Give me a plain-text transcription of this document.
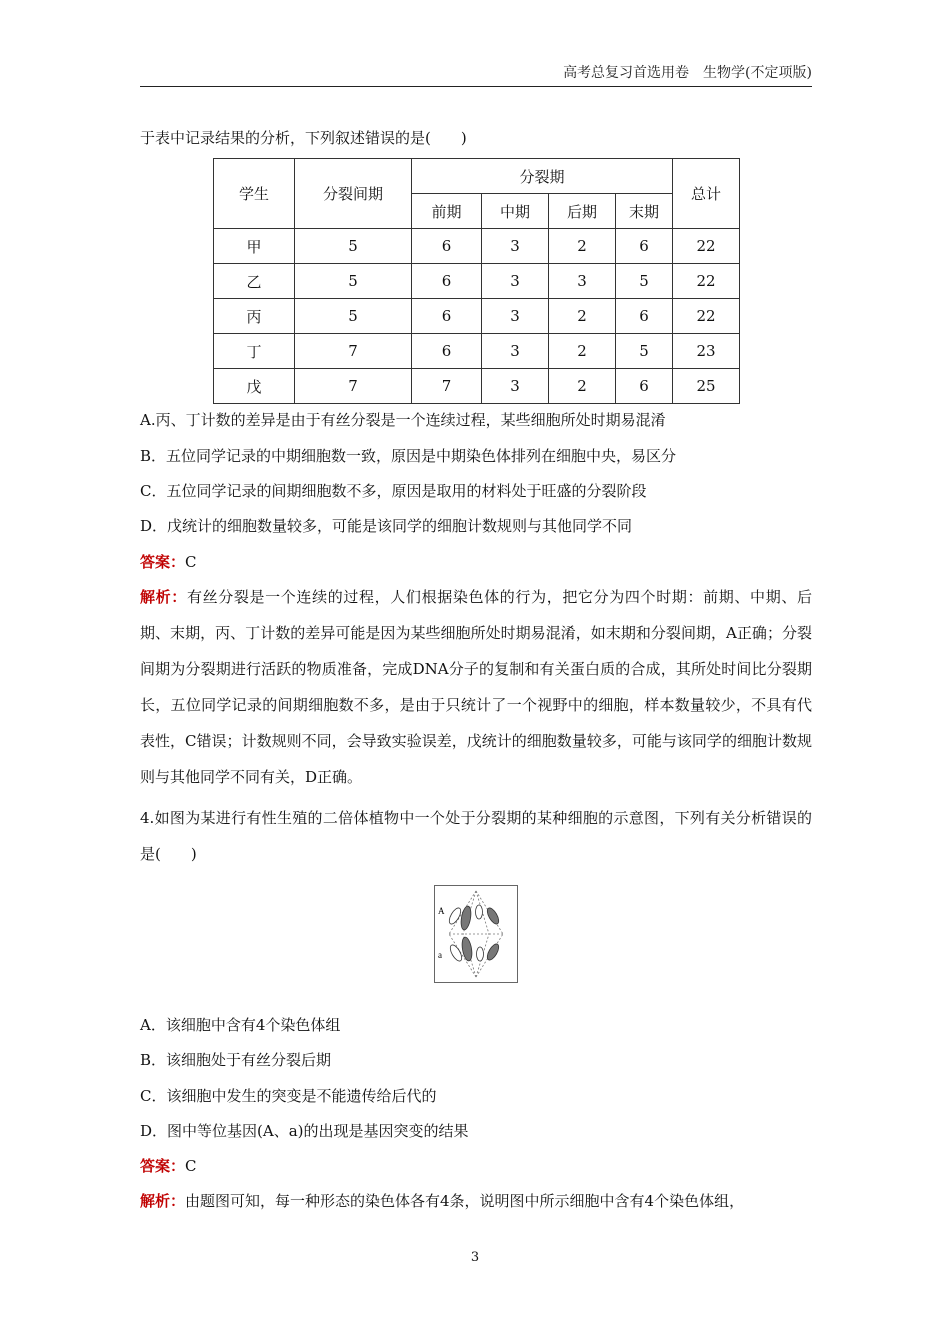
高考总复习首选用卷　生物学(不定项版)
于表中记录结果的分析，下列叙述错误的是(　　)
学生	分裂间期	分裂期				总计
		前期	中期	后期	末期	
甲	5	6	3	2	6	22
乙	5	6	3	3	5	22
丙	5	6	3	2	6	22
丁	7	6	3	2	5	23
戊	7	7	3	2	6	25
A.丙、丁计数的差异是由于有丝分裂是一个连续过程，某些细胞所处时期易混淆
B．五位同学记录的中期细胞数一致，原因是中期染色体排列在细胞中央，易区分
C．五位同学记录的间期细胞数不多，原因是取用的材料处于旺盛的分裂阶段
D．戊统计的细胞数量较多，可能是该同学的细胞计数规则与其他同学不同
答案：C
解析：有丝分裂是一个连续的过程，人们根据染色体的行为，把它分为四个时期：前期、中期、后期、末期，丙、丁计数的差异可能是因为某些细胞所处时期易混淆，如末期和分裂间期，A正确；分裂间期为分裂期进行活跃的物质准备，完成DNA分子的复制和有关蛋白质的合成，其所处时间比分裂期长，五位同学记录的间期细胞数不多，是由于只统计了一个视野中的细胞，样本数量较少，不具有代表性，C错误；计数规则不同，会导致实验误差，戊统计的细胞数量较多，可能与该同学的细胞计数规则与其他同学不同有关，D正确。
4.如图为某进行有性生殖的二倍体植物中一个处于分裂期的某种细胞的示意图，下列有关分析错误的是(　　)
A
a
A．该细胞中含有4个染色体组
B．该细胞处于有丝分裂后期
C．该细胞中发生的突变是不能遗传给后代的
D．图中等位基因(A、a)的出现是基因突变的结果
答案：C
解析：由题图可知，每一种形态的染色体各有4条，说明图中所示细胞中含有4个染色体组，
3
